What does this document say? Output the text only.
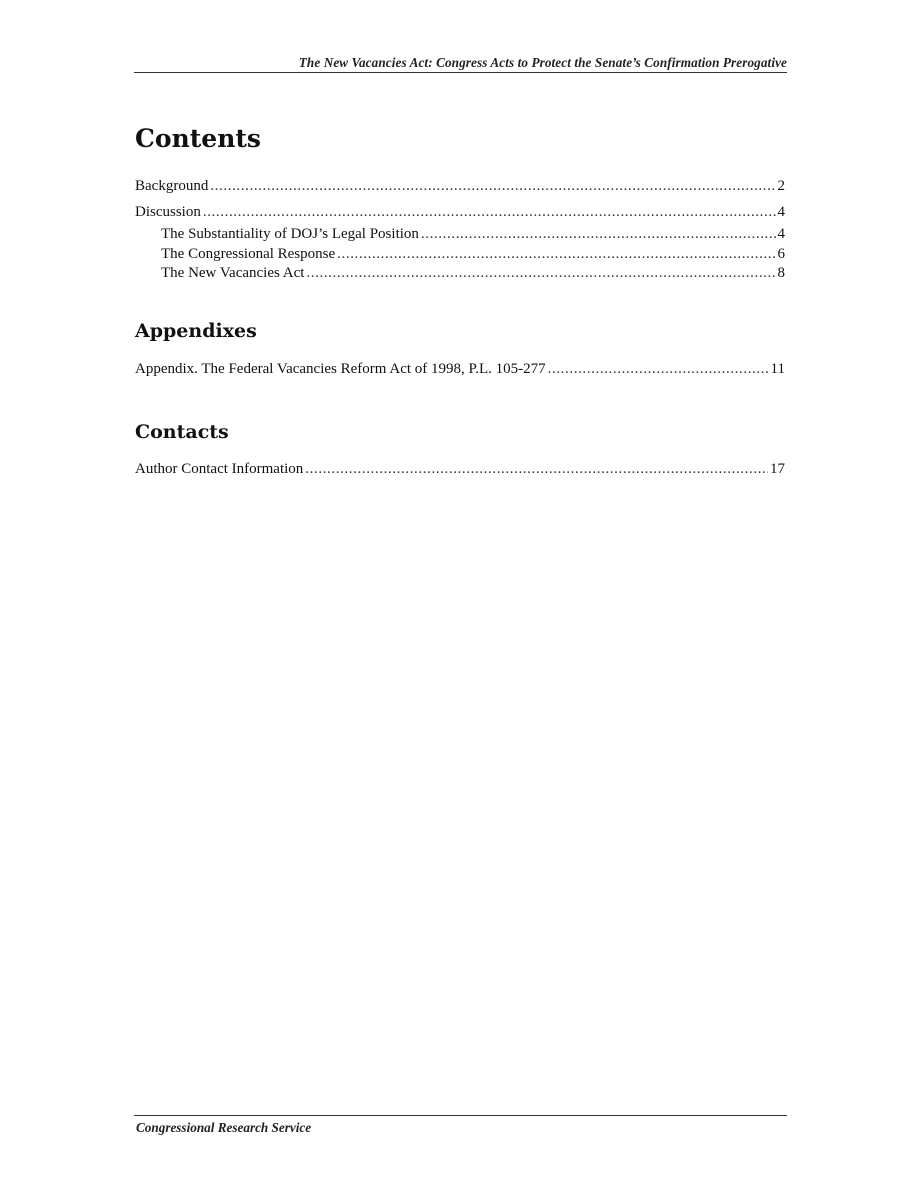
The New Vacancies Act: Congress Acts to Protect the Senate’s Confirmation Prerogative
Contents
Background .....	2
Discussion .....	4
The Substantiality of DOJ’s Legal Position .....	4
The Congressional Response .....	6
The New Vacancies Act .....	8
Appendixes
Appendix. The Federal Vacancies Reform Act of 1998, P.L. 105-277 .....	11
Contacts
Author Contact Information .....	17
Congressional Research Service
